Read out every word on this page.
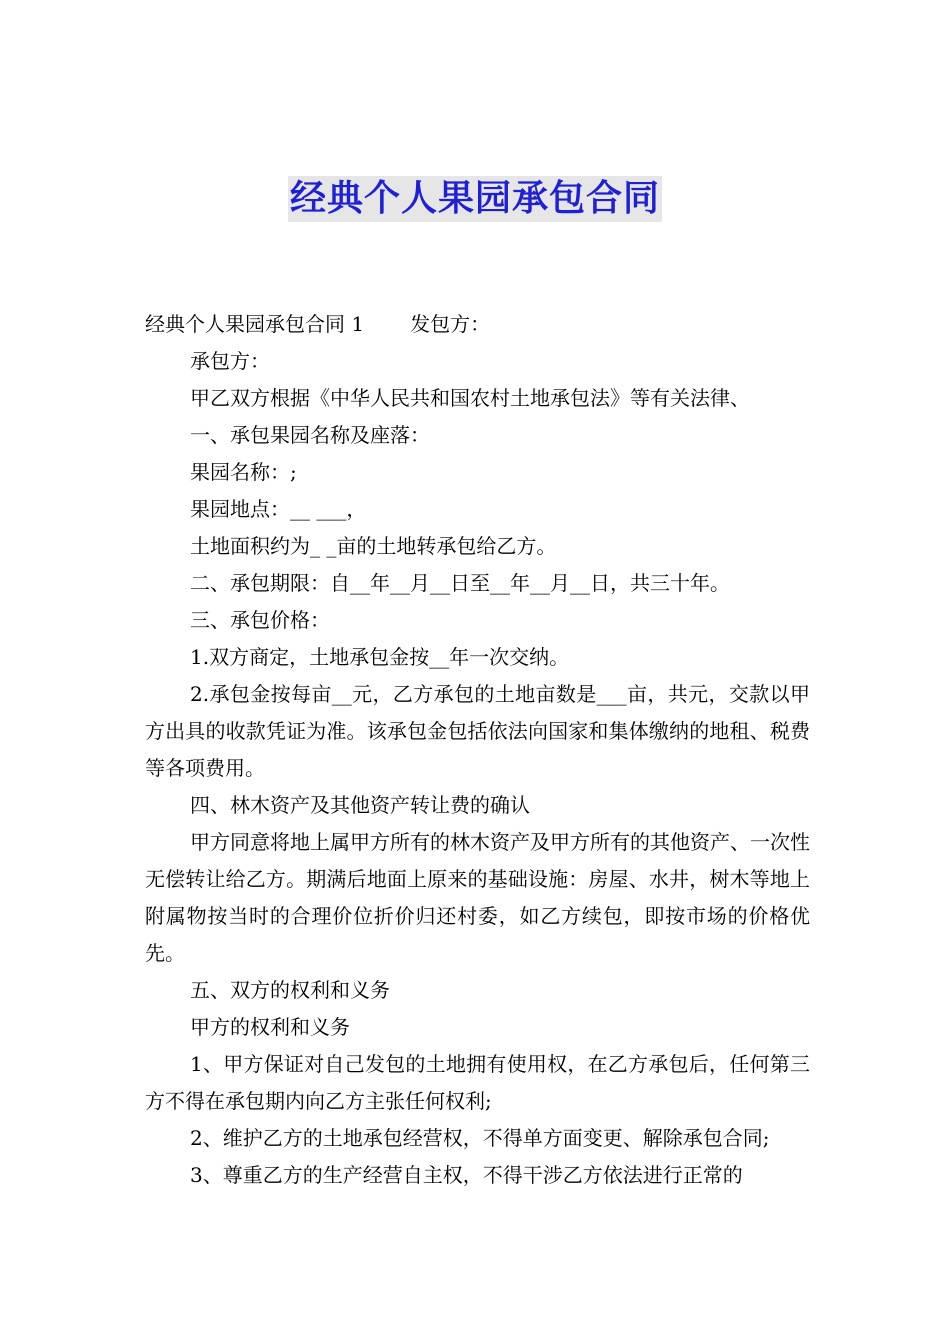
经典个人果园承包合同
经典个人果园承包合同 1 发包方：
承包方：
甲乙双方根据《中华人民共和国农村土地承包法》等有关法律、
一、承包果园名称及座落：
果园名称：;
果园地点：__ ___，
土地面积约为_ _亩的土地转承包给乙方。
二、承包期限：自__年__月__日至__年__月__日，共三十年。
三、承包价格：
1.双方商定，土地承包金按__年一次交纳。
2.承包金按每亩__元，乙方承包的土地亩数是___亩，共元，交款以甲方出具的收款凭证为准。该承包金包括依法向国家和集体缴纳的地租、税费等各项费用。
四、林木资产及其他资产转让费的确认
甲方同意将地上属甲方所有的林木资产及甲方所有的其他资产、一次性无偿转让给乙方。期满后地面上原来的基础设施：房屋、水井，树木等地上附属物按当时的合理价位折价归还村委，如乙方续包，即按市场的价格优先。
五、双方的权利和义务
甲方的权利和义务
1、甲方保证对自己发包的土地拥有使用权，在乙方承包后，任何第三方不得在承包期内向乙方主张任何权利;
2、维护乙方的土地承包经营权，不得单方面变更、解除承包合同;
3、尊重乙方的生产经营自主权，不得干涉乙方依法进行正常的
